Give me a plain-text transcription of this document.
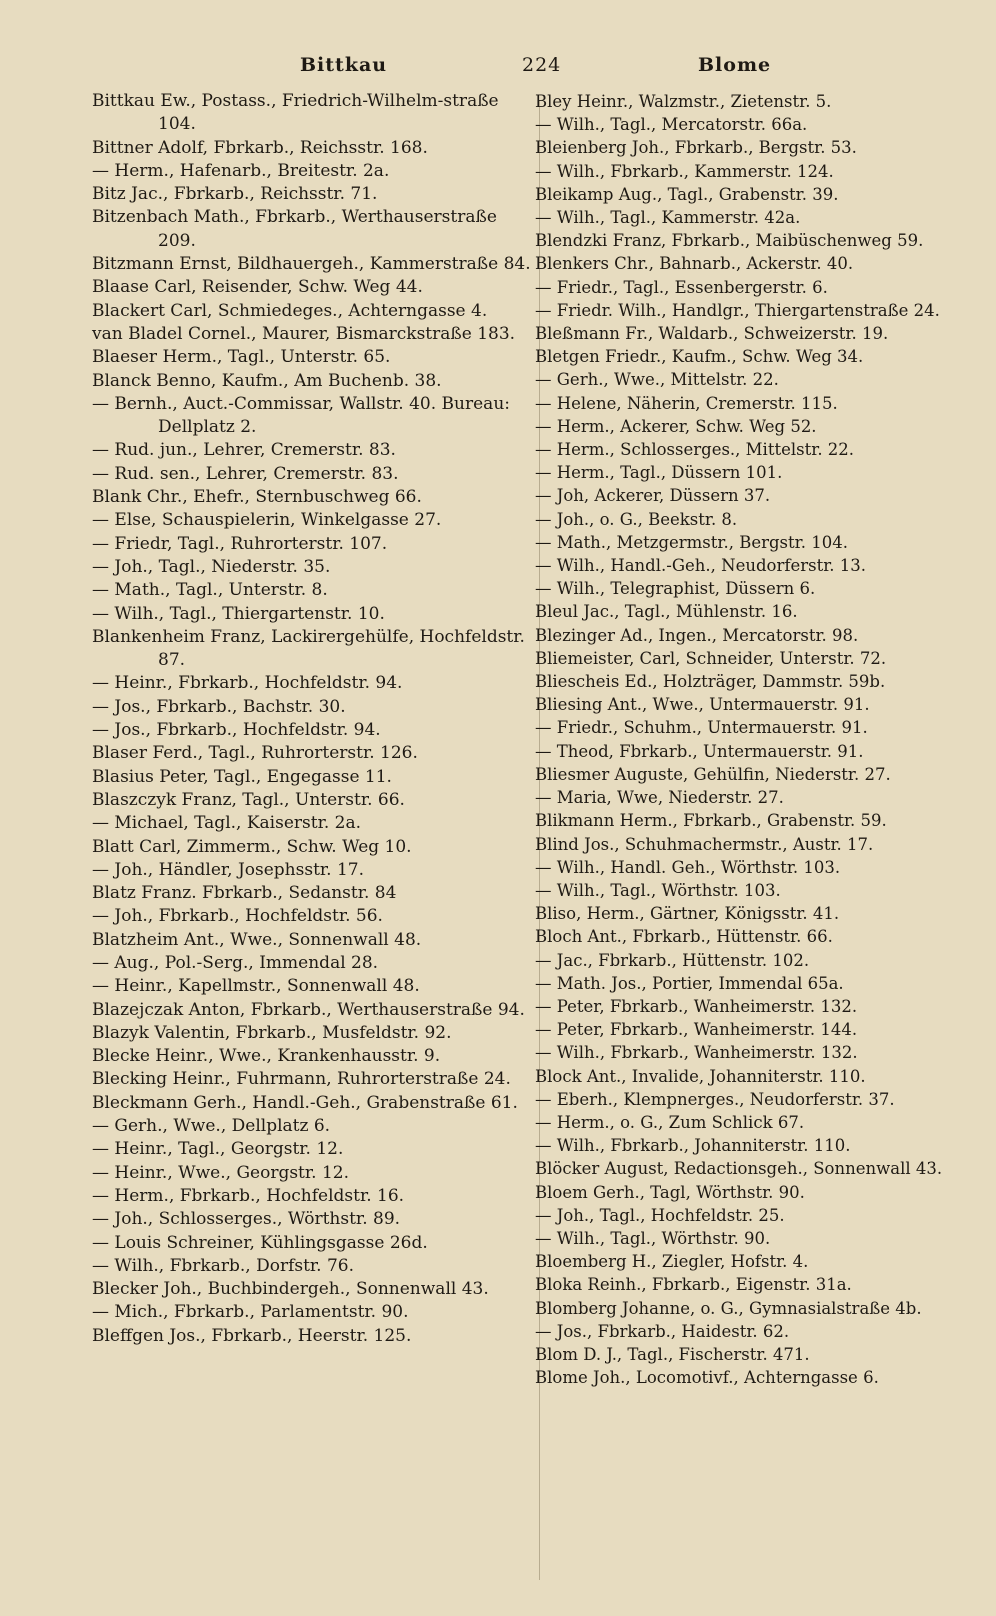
Bittkau	224	Blome

Bittkau Ew., Postass., Friedrich-Wilhelm-straße 104.

Bittner Adolf, Fbrkarb., Reichsstr. 168.

— Herm., Hafenarb., Breitestr. 2a.

Bitz Jac., Fbrkarb., Reichsstr. 71.

Bitzenbach Math., Fbrkarb., Werthauserstraße 209.

Bitzmann Ernst, Bildhauergeh., Kammerstraße 84.

Blaase Carl, Reisender, Schw. Weg 44.

Blackert Carl, Schmiedeges., Achterngasse 4.

van Bladel Cornel., Maurer, Bismarckstraße 183.

Blaeser Herm., Tagl., Unterstr. 65.

Blanck Benno, Kaufm., Am Buchenb. 38.

— Bernh., Auct.-Commissar, Wallstr. 40. Bureau: Dellplatz 2.

— Rud. jun., Lehrer, Cremerstr. 83.

— Rud. sen., Lehrer, Cremerstr. 83.

Blank Chr., Ehefr., Sternbuschweg 66.

— Else, Schauspielerin, Winkelgasse 27.

— Friedr, Tagl., Ruhrorterstr. 107.

— Joh., Tagl., Niederstr. 35.

— Math., Tagl., Unterstr. 8.

— Wilh., Tagl., Thiergartenstr. 10.

Blankenheim Franz, Lackirergehülfe, Hochfeldstr. 87.

— Heinr., Fbrkarb., Hochfeldstr. 94.

— Jos., Fbrkarb., Bachstr. 30.

— Jos., Fbrkarb., Hochfeldstr. 94.

Blaser Ferd., Tagl., Ruhrorterstr. 126.

Blasius Peter, Tagl., Engegasse 11.

Blaszczyk Franz, Tagl., Unterstr. 66.

— Michael, Tagl., Kaiserstr. 2a.

Blatt Carl, Zimmerm., Schw. Weg 10.

— Joh., Händler, Josephsstr. 17.

Blatz Franz. Fbrkarb., Sedanstr. 84

— Joh., Fbrkarb., Hochfeldstr. 56.

Blatzheim Ant., Wwe., Sonnenwall 48.

— Aug., Pol.-Serg., Immendal 28.

— Heinr., Kapellmstr., Sonnenwall 48.

Blazejczak Anton, Fbrkarb., Werthauserstraße 94.

Blazyk Valentin, Fbrkarb., Musfeldstr. 92.

Blecke Heinr., Wwe., Krankenhausstr. 9.

Blecking Heinr., Fuhrmann, Ruhrorterstraße 24.

Bleckmann Gerh., Handl.-Geh., Grabenstraße 61.

— Gerh., Wwe., Dellplatz 6.

— Heinr., Tagl., Georgstr. 12.

— Heinr., Wwe., Georgstr. 12.

— Herm., Fbrkarb., Hochfeldstr. 16.

— Joh., Schlosserges., Wörthstr. 89.

— Louis Schreiner, Kühlingsgasse 26d.

— Wilh., Fbrkarb., Dorfstr. 76.

Blecker Joh., Buchbindergeh., Sonnenwall 43.

— Mich., Fbrkarb., Parlamentstr. 90.

Bleffgen Jos., Fbrkarb., Heerstr. 125.

Bley Heinr., Walzmstr., Zietenstr. 5.

— Wilh., Tagl., Mercatorstr. 66a.

Bleienberg Joh., Fbrkarb., Bergstr. 53.

— Wilh., Fbrkarb., Kammerstr. 124.

Bleikamp Aug., Tagl., Grabenstr. 39.

— Wilh., Tagl., Kammerstr. 42a.

Blendzki Franz, Fbrkarb., Maibüschenweg 59.

Blenkers Chr., Bahnarb., Ackerstr. 40.

— Friedr., Tagl., Essenbergerstr. 6.

— Friedr. Wilh., Handlgr., Thiergartenstraße 24.

Bleßmann Fr., Waldarb., Schweizerstr. 19.

Bletgen Friedr., Kaufm., Schw. Weg 34.

— Gerh., Wwe., Mittelstr. 22.

— Helene, Näherin, Cremerstr. 115.

— Herm., Ackerer, Schw. Weg 52.

— Herm., Schlosserges., Mittelstr. 22.

— Herm., Tagl., Düssern 101.

— Joh, Ackerer, Düssern 37.

— Joh., o. G., Beekstr. 8.

— Math., Metzgermstr., Bergstr. 104.

— Wilh., Handl.-Geh., Neudorferstr. 13.

— Wilh., Telegraphist, Düssern 6.

Bleul Jac., Tagl., Mühlenstr. 16.

Blezinger Ad., Ingen., Mercatorstr. 98.

Bliemeister, Carl, Schneider, Unterstr. 72.

Bliescheis Ed., Holzträger, Dammstr. 59b.

Bliesing Ant., Wwe., Untermauerstr. 91.

— Friedr., Schuhm., Untermauerstr. 91.

— Theod, Fbrkarb., Untermauerstr. 91.

Bliesmer Auguste, Gehülfin, Niederstr. 27.

— Maria, Wwe, Niederstr. 27.

Blikmann Herm., Fbrkarb., Grabenstr. 59.

Blind Jos., Schuhmachermstr., Austr. 17.

— Wilh., Handl. Geh., Wörthstr. 103.

— Wilh., Tagl., Wörthstr. 103.

Bliso, Herm., Gärtner, Königsstr. 41.

Bloch Ant., Fbrkarb., Hüttenstr. 66.

— Jac., Fbrkarb., Hüttenstr. 102.

— Math. Jos., Portier, Immendal 65a.

— Peter, Fbrkarb., Wanheimerstr. 132.

— Peter, Fbrkarb., Wanheimerstr. 144.

— Wilh., Fbrkarb., Wanheimerstr. 132.

Block Ant., Invalide, Johanniterstr. 110.

— Eberh., Klempnerges., Neudorferstr. 37.

— Herm., o. G., Zum Schlick 67.

— Wilh., Fbrkarb., Johanniterstr. 110.

Blöcker August, Redactionsgeh., Sonnenwall 43.

Bloem Gerh., Tagl, Wörthstr. 90.

— Joh., Tagl., Hochfeldstr. 25.

— Wilh., Tagl., Wörthstr. 90.

Bloemberg H., Ziegler, Hofstr. 4.

Bloka Reinh., Fbrkarb., Eigenstr. 31a.

Blomberg Johanne, o. G., Gymnasialstraße 4b.

— Jos., Fbrkarb., Haidestr. 62.

Blom D. J., Tagl., Fischerstr. 471.

Blome Joh., Locomotivf., Achterngasse 6.
